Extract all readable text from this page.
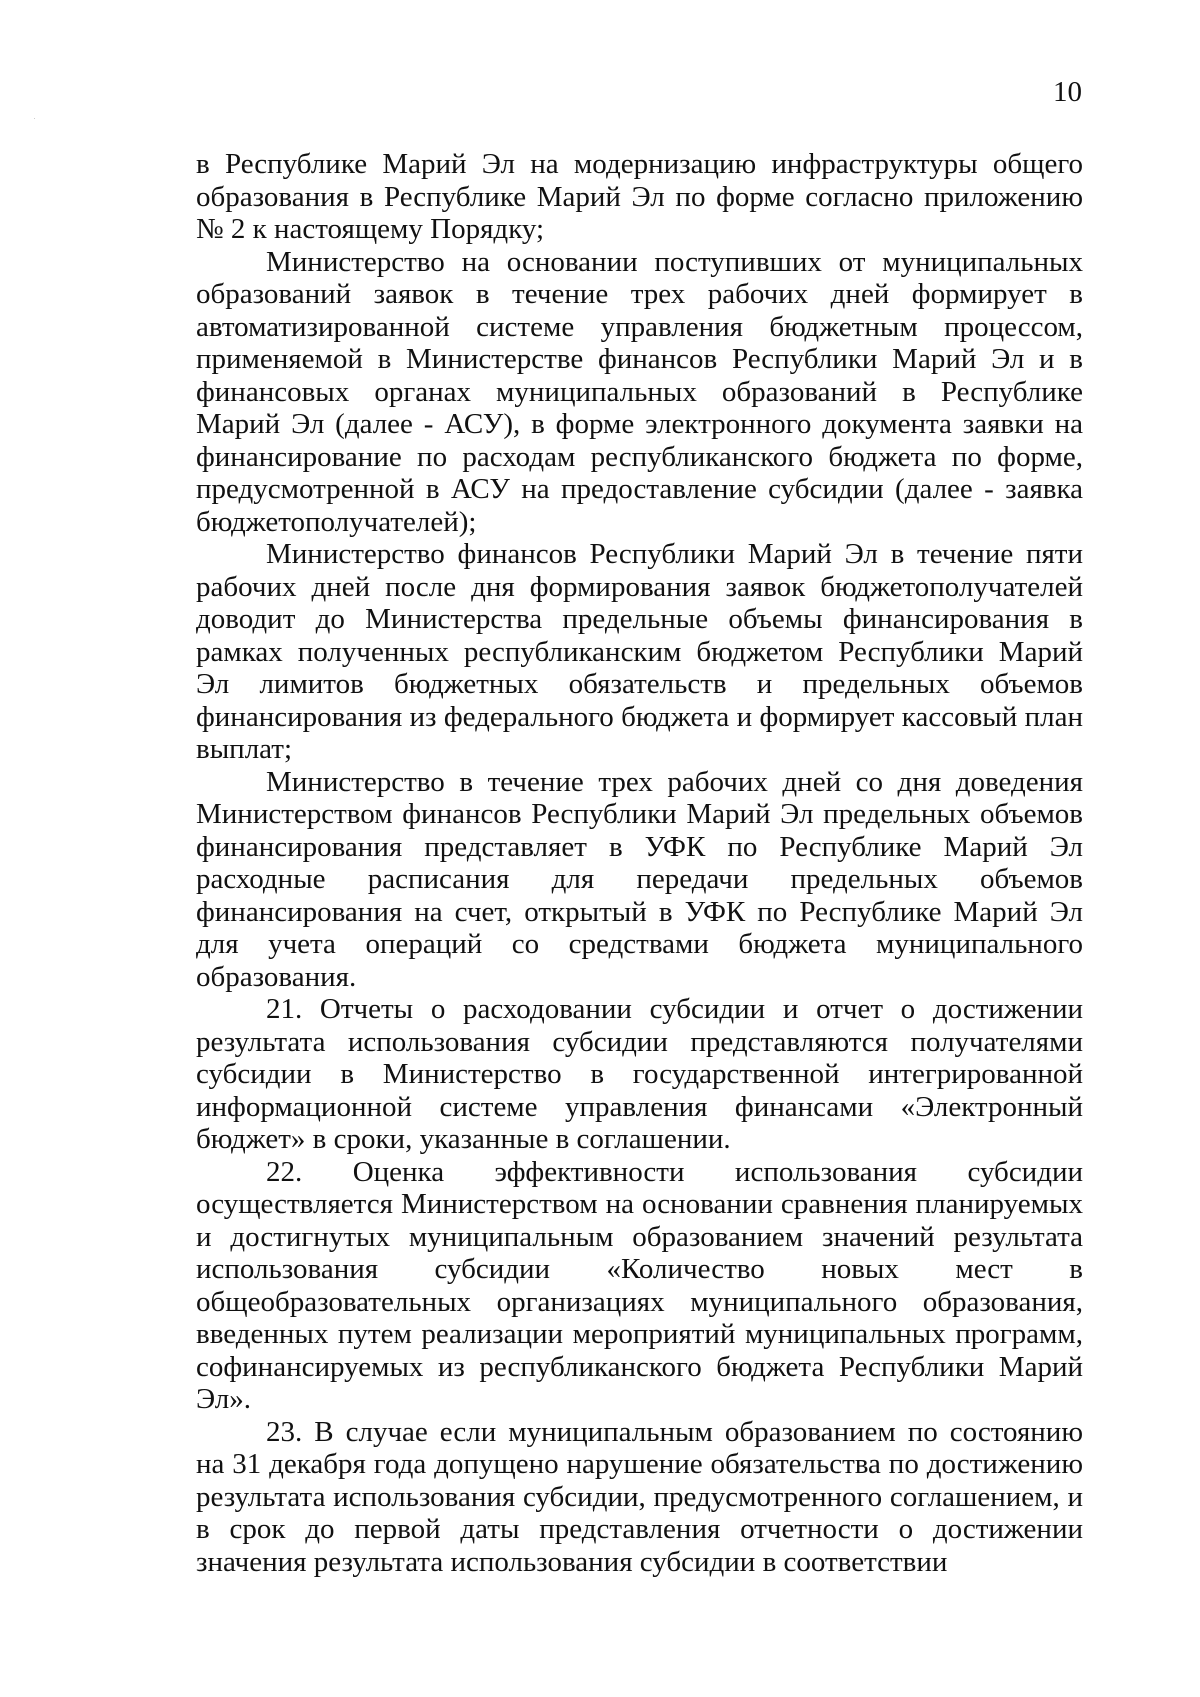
10

в Республике Марий Эл на модернизацию инфраструктуры общего образования в Республике Марий Эл по форме согласно приложению № 2 к настоящему Порядку;

Министерство на основании поступивших от муниципальных образований заявок в течение трех рабочих дней формирует в автоматизированной системе управления бюджетным процессом, применяемой в Министерстве финансов Республики Марий Эл и в финансовых органах муниципальных образований в Республике Марий Эл (далее - АСУ), в форме электронного документа заявки на финансирование по расходам республиканского бюджета по форме, предусмотренной в АСУ на предоставление субсидии (далее - заявка бюджетополучателей);

Министерство финансов Республики Марий Эл в течение пяти рабочих дней после дня формирования заявок бюджетополучателей доводит до Министерства предельные объемы финансирования в рамках полученных республиканским бюджетом Республики Марий Эл лимитов бюджетных обязательств и предельных объемов финансирования из федерального бюджета и формирует кассовый план выплат;

Министерство в течение трех рабочих дней со дня доведения Министерством финансов Республики Марий Эл предельных объемов финансирования представляет в УФК по Республике Марий Эл расходные расписания для передачи предельных объемов финансирования на счет, открытый в УФК по Республике Марий Эл для учета операций со средствами бюджета муниципального образования.

21. Отчеты о расходовании субсидии и отчет о достижении результата использования субсидии представляются получателями субсидии в Министерство в государственной интегрированной информационной системе управления финансами «Электронный бюджет» в сроки, указанные в соглашении.

22. Оценка эффективности использования субсидии осуществляется Министерством на основании сравнения планируемых и достигнутых муниципальным образованием значений результата использования субсидии «Количество новых мест в общеобразовательных организациях муниципального образования, введенных путем реализации мероприятий муниципальных программ, софинансируемых из республиканского бюджета Республики Марий Эл».

23. В случае если муниципальным образованием по состоянию на 31 декабря года допущено нарушение обязательства по достижению результата использования субсидии, предусмотренного соглашением, и в срок до первой даты представления отчетности о достижении значения результата использования субсидии в соответствии
